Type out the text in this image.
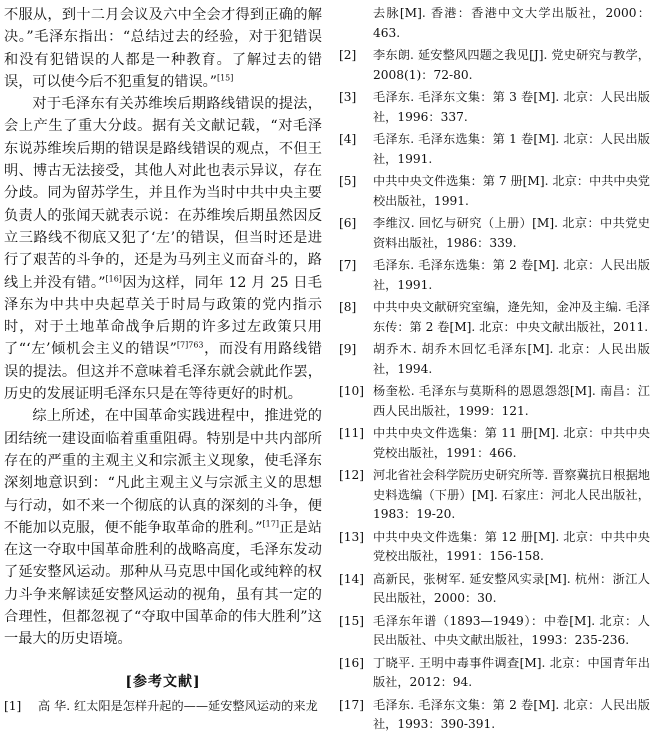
不服从，到十二月会议及六中全会才得到正确的解决。”毛泽东指出：“总结过去的经验，对于犯错误和没有犯错误的人都是一种教育。了解过去的错误，可以使今后不犯重复的错误。”[15]

对于毛泽东有关苏维埃后期路线错误的提法，会上产生了重大分歧。据有关文献记载，“对毛泽东说苏维埃后期的错误是路线错误的观点，不但王明、博古无法接受，其他人对此也表示异议，存在分歧。同为留苏学生，并且作为当时中共中央主要负责人的张闻天就表示说：在苏维埃后期虽然因反立三路线不彻底又犯了‘左’的错误，但当时还是进行了艰苦的斗争的，还是为马列主义而奋斗的，路线上并没有错。”[16]因为这样，同年 12 月 25 日毛泽东为中共中央起草关于时局与政策的党内指示时，对于土地革命战争后期的许多过左政策只用了“‘左’倾机会主义的错误”$^{[7]763}$，而没有用路线错误的提法。但这并不意味着毛泽东就会就此作罢，历史的发展证明毛泽东只是在等待更好的时机。

综上所述，在中国革命实践进程中，推进党的团结统一建设面临着重重阻碍。特别是中共内部所存在的严重的主观主义和宗派主义现象，使毛泽东深刻地意识到：“凡此主观主义与宗派主义的思想与行动，如不来一个彻底的认真的深刻的斗争，便不能加以克服，便不能争取革命的胜利。”[17]正是站在这一夺取中国革命胜利的战略高度，毛泽东发动了延安整风运动。那种从马克思中国化或纯粹的权力斗争来解读延安整风运动的视角，虽有其一定的合理性，但都忽视了“夺取中国革命的伟大胜利”这一最大的历史语境。

[参考文献]
[1]	高 华. 红太阳是怎样升起的——延安整风运动的来龙
去脉[M]. 香港：香港中文大学出版社，2000：463.
[2]	李东朗. 延安整风四题之我见[J]. 党史研究与教学，2008(1)：72-80.
[3]	毛泽东. 毛泽东文集：第 3 卷[M]. 北京：人民出版社，1996：337.
[4]	毛泽东. 毛泽东选集：第 1 卷[M]. 北京：人民出版社，1991.
[5]	中共中央文件选集：第 7 册[M]. 北京：中共中央党校出版社，1991.
[6]	李维汉. 回忆与研究（上册）[M]. 北京：中共党史资料出版社，1986：339.
[7]	毛泽东. 毛泽东选集：第 2 卷[M]. 北京：人民出版社，1991.
[8]	中共中央文献研究室编，逄先知，金冲及主编. 毛泽东传：第 2 卷[M]. 北京：中央文献出版社，2011.
[9]	胡乔木. 胡乔木回忆毛泽东[M]. 北京：人民出版社，1994.
[10] 杨奎松. 毛泽东与莫斯科的恩恩怨怨[M]. 南昌：江西人民出版社，1999：121.
[11] 中共中央文件选集：第 11 册[M]. 北京：中共中央党校出版社，1991：466.
[12] 河北省社会科学院历史研究所等. 晋察冀抗日根据地史料选编（下册）[M]. 石家庄：河北人民出版社，1983：19-20.
[13] 中共中央文件选集：第 12 册[M]. 北京：中共中央党校出版社，1991：156-158.
[14] 高新民，张树军. 延安整风实录[M]. 杭州：浙江人民出版社，2000：30.
[15] 毛泽东年谱（1893—1949）：中卷[M]. 北京：人民出版社、中央文献出版社，1993：235-236.
[16] 丁晓平. 王明中毒事件调查[M]. 北京：中国青年出版社，2012：94.
[17] 毛泽东. 毛泽东文集：第 2 卷[M]. 北京：人民出版社，1993：390-391.
